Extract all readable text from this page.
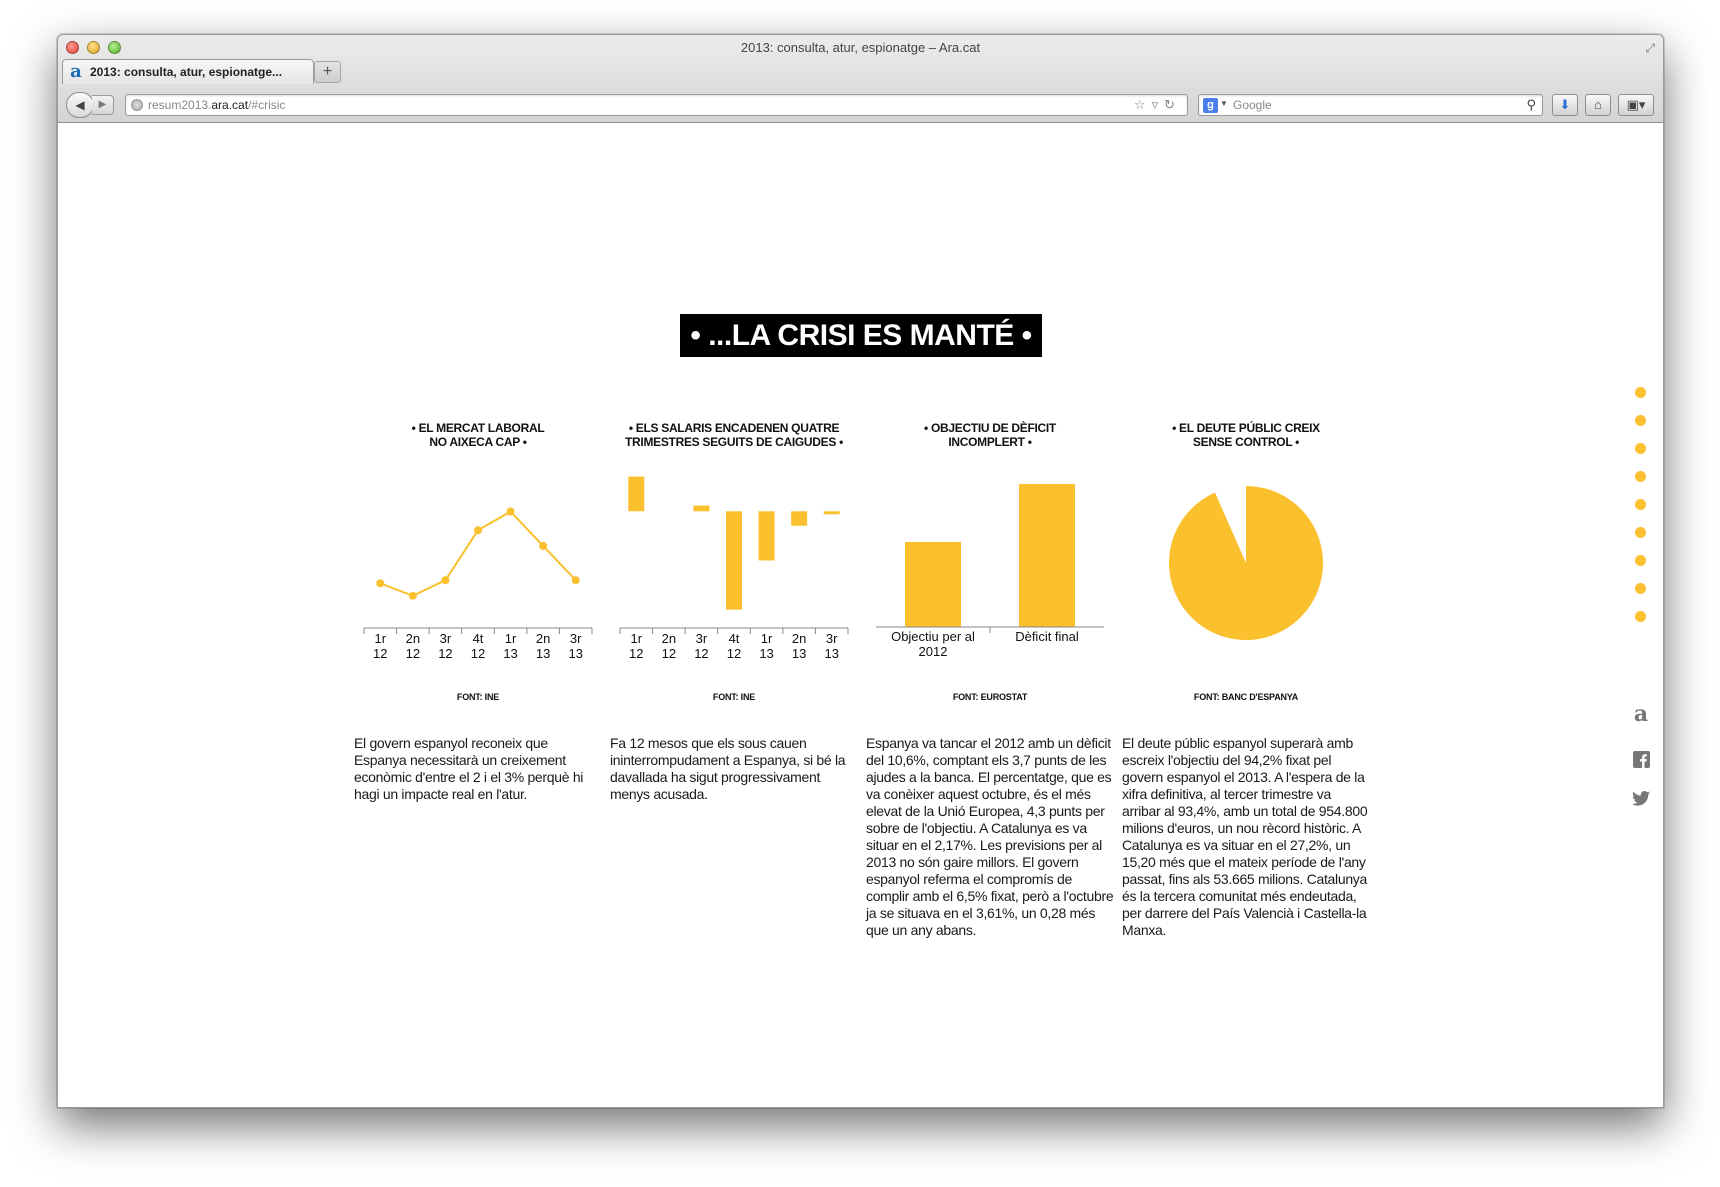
2013: consulta, atur, espionatge – Ara.cat	⤢
a 2013: consulta, atur, espionatge...	+
◀	▶	resum2013.ara.cat/#crisic	☆▿↻	g ▼ Google	⚲	⬇	⌂	▣▾
• ...LA CRISI ES MANTÉ •
• EL MERCAT LABORAL
NO AIXECA CAP •
1r 12
2n 12
3r 12
4t 12
1r 13
2n 13
3r 13
FONT: INE
El govern espanyol reconeix que Espanya necessitarà un creixement econòmic d'entre el 2 i el 3% perquè hi hagi un impacte real en l'atur.
• ELS SALARIS ENCADENEN QUATRE
TRIMESTRES SEGUITS DE CAIGUDES •
1r 12
2n 12
3r 12
4t 12
1r 13
2n 13
3r 13
FONT: INE
Fa 12 mesos que els sous cauen ininterrompudament a Espanya, si bé la davallada ha sigut progressivament menys acusada.
• OBJECTIU DE DÈFICIT
INCOMPLERT •
Objectiu per al 2012
Dèficit final
FONT: EUROSTAT
Espanya va tancar el 2012 amb un dèficit del 10,6%, comptant els 3,7 punts de les ajudes a la banca. El percentatge, que es va conèixer aquest octubre, és el més elevat de la Unió Europea, 4,3 punts per sobre de l'objectiu. A Catalunya es va situar en el 2,17%. Les previsions per al 2013 no són gaire millors. El govern espanyol referma el compromís de complir amb el 6,5% fixat, però a l'octubre ja se situava en el 3,61%, un 0,28 més que un any abans.
• EL DEUTE PÚBLIC CREIX
SENSE CONTROL •
FONT: BANC D'ESPANYA
El deute públic espanyol superarà amb escreix l'objectiu del 94,2% fixat pel govern espanyol el 2013. A l'espera de la xifra definitiva, al tercer trimestre va arribar al 93,4%, amb un total de 954.800 milions d'euros, un nou rècord històric. A Catalunya es va situar en el 27,2%, un 15,20 més que el mateix període de l'any passat, fins als 53.665 milions. Catalunya és la tercera comunitat més endeutada, per darrere del País Valencià i Castella-la Manxa.
a
